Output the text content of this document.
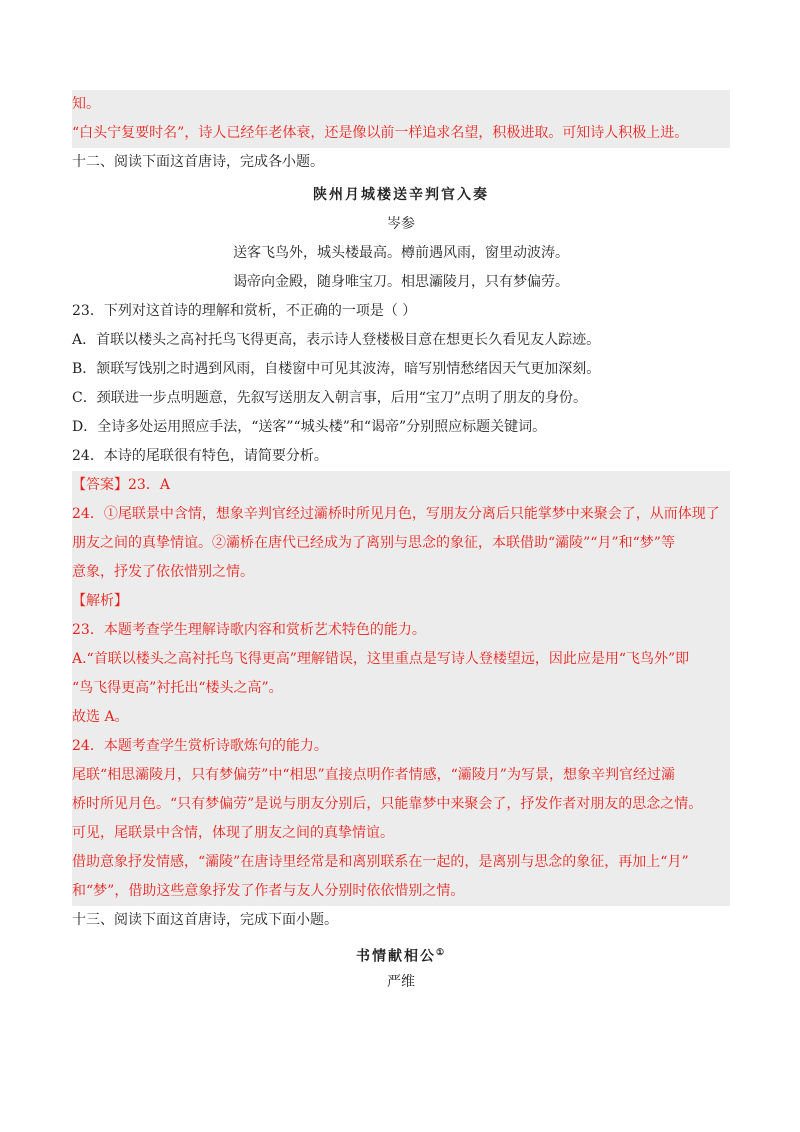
知。
“白头宁复要时名”，诗人已经年老体衰，还是像以前一样追求名望，积极进取。可知诗人积极上进。
十二、阅读下面这首唐诗，完成各小题。
陕州月城楼送辛判官入奏
岑参
送客飞鸟外，城头楼最高。樽前遇风雨，窗里动波涛。
谒帝向金殿，随身唯宝刀。相思灞陵月，只有梦偏劳。
23．下列对这首诗的理解和赏析，不正确的一项是（ ）
A．首联以楼头之高衬托鸟飞得更高，表示诗人登楼极目意在想更长久看见友人踪迹。
B．颔联写饯别之时遇到风雨，自楼窗中可见其波涛，暗写别情愁绪因天气更加深刻。
C．颈联进一步点明题意，先叙写送朋友入朝言事，后用“宝刀”点明了朋友的身份。
D．全诗多处运用照应手法，“送客”“城头楼”和“谒帝”分别照应标题关键词。
24．本诗的尾联很有特色，请简要分析。
【答案】23．A
24．①尾联景中含情，想象辛判官经过灞桥时所见月色，写朋友分离后只能掌梦中来聚会了，从而体现了
朋友之间的真挚情谊。②灞桥在唐代已经成为了离别与思念的象征，本联借助“灞陵”“月”和“梦”等
意象，抒发了依依惜别之情。
【解析】
23．本题考查学生理解诗歌内容和赏析艺术特色的能力。
A.“首联以楼头之高衬托鸟飞得更高”理解错误，这里重点是写诗人登楼望远，因此应是用“飞鸟外”即
“鸟飞得更高”衬托出“楼头之高”。
故选 A。
24．本题考查学生赏析诗歌炼句的能力。
尾联“相思灞陵月，只有梦偏劳”中“相思”直接点明作者情感，“灞陵月”为写景，想象辛判官经过灞
桥时所见月色。“只有梦偏劳”是说与朋友分别后，只能靠梦中来聚会了，抒发作者对朋友的思念之情。
可见，尾联景中含情，体现了朋友之间的真挚情谊。
借助意象抒发情感，“灞陵”在唐诗里经常是和离别联系在一起的，是离别与思念的象征，再加上“月”
和“梦”，借助这些意象抒发了作者与友人分别时依依惜别之情。
十三、阅读下面这首唐诗，完成下面小题。
书情献相公①
严维
